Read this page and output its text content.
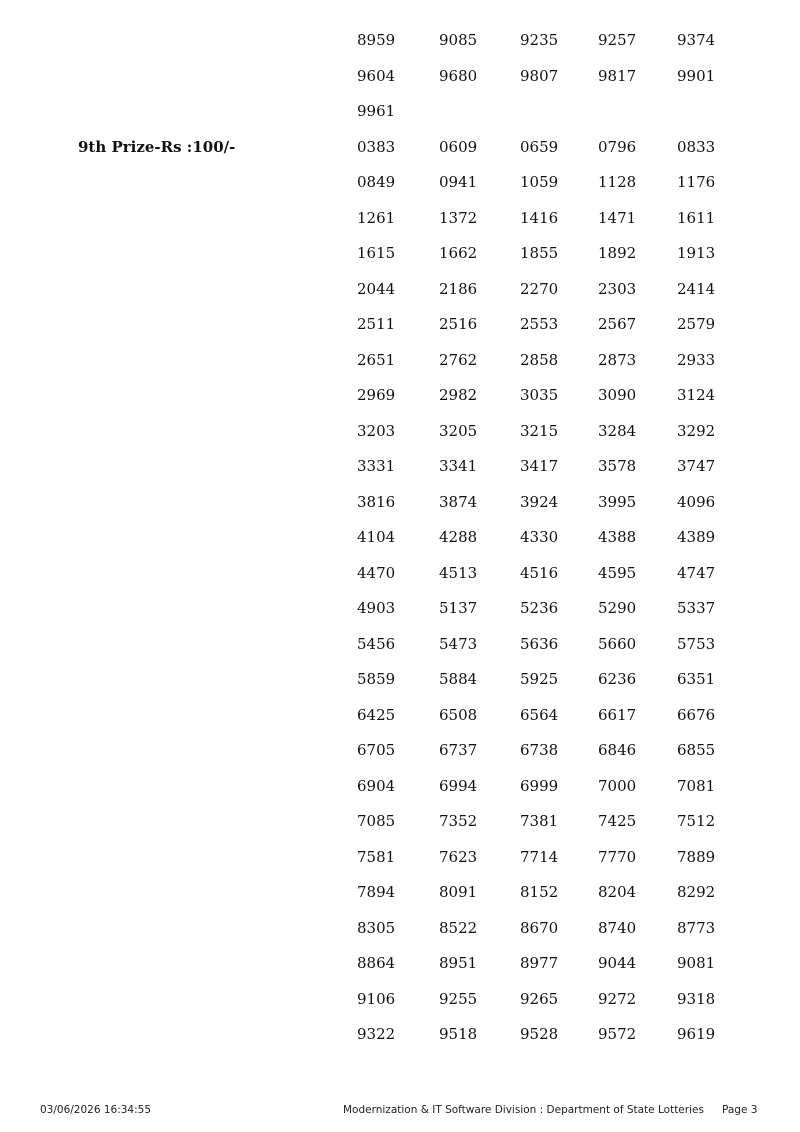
8959	9085	9235	9257	9374
9604	9680	9807	9817	9901
9961
9th Prize-Rs :100/-	0383	0609	0659	0796	0833
0849	0941	1059	1128	1176
1261	1372	1416	1471	1611
1615	1662	1855	1892	1913
2044	2186	2270	2303	2414
2511	2516	2553	2567	2579
2651	2762	2858	2873	2933
2969	2982	3035	3090	3124
3203	3205	3215	3284	3292
3331	3341	3417	3578	3747
3816	3874	3924	3995	4096
4104	4288	4330	4388	4389
4470	4513	4516	4595	4747
4903	5137	5236	5290	5337
5456	5473	5636	5660	5753
5859	5884	5925	6236	6351
6425	6508	6564	6617	6676
6705	6737	6738	6846	6855
6904	6994	6999	7000	7081
7085	7352	7381	7425	7512
7581	7623	7714	7770	7889
7894	8091	8152	8204	8292
8305	8522	8670	8740	8773
8864	8951	8977	9044	9081
9106	9255	9265	9272	9318
9322	9518	9528	9572	9619
03/06/2026 16:34:55	Modernization & IT Software Division : Department of State Lotteries Page 3
